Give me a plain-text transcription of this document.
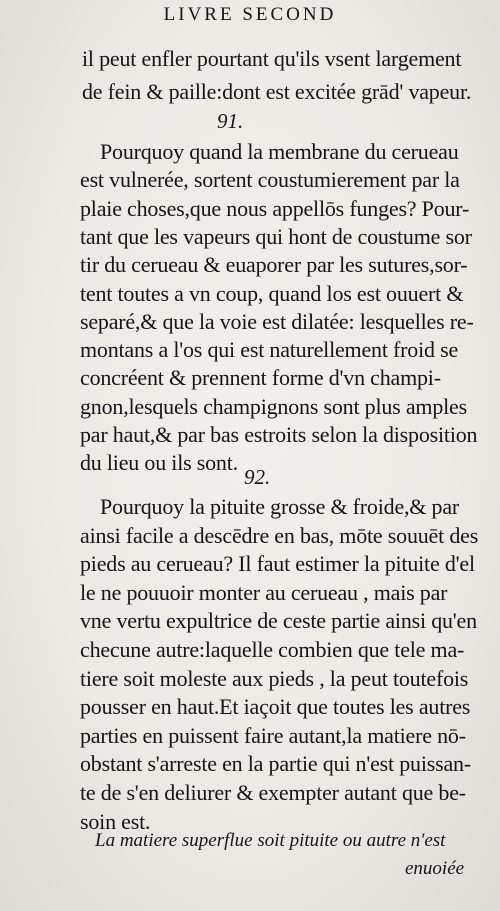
LIVRE SECOND
il peut enfler pourtant qu'ils vsent largement
de fein & paille:dont est excitée grād' vapeur.
91.
Pourquoy quand la membrane du cerueau
est vulnerée, sortent coustumierement par la
plaie choses,que nous appellōs funges? Pour-
tant que les vapeurs qui hont de coustume sor
tir du cerueau & euaporer par les sutures,sor-
tent toutes a vn coup, quand los est ouuert &
separé,& que la voie est dilatée: lesquelles re-
montans a l'os qui est naturellement froid se
concréent & prennent forme d'vn champi-
gnon,lesquels champignons sont plus amples
par haut,& par bas estroits selon la disposition
du lieu ou ils sont.
92.
Pourquoy la pituite grosse & froide,& par
ainsi facile a descēdre en bas, mōte souuēt des
pieds au cerueau? Il faut estimer la pituite d'el
le ne pouuoir monter au cerueau , mais par
vne vertu expultrice de ceste partie ainsi qu'en
checune autre:laquelle combien que tele ma-
tiere soit moleste aux pieds , la peut toutefois
pousser en haut.Et iaçoit que toutes les autres
parties en puissent faire autant,la matiere nō-
obstant s'arreste en la partie qui n'est puissan-
te de s'en deliurer & exempter autant que be-
soin est.
La matiere superflue soit pituite ou autre n'est
enuoiée
